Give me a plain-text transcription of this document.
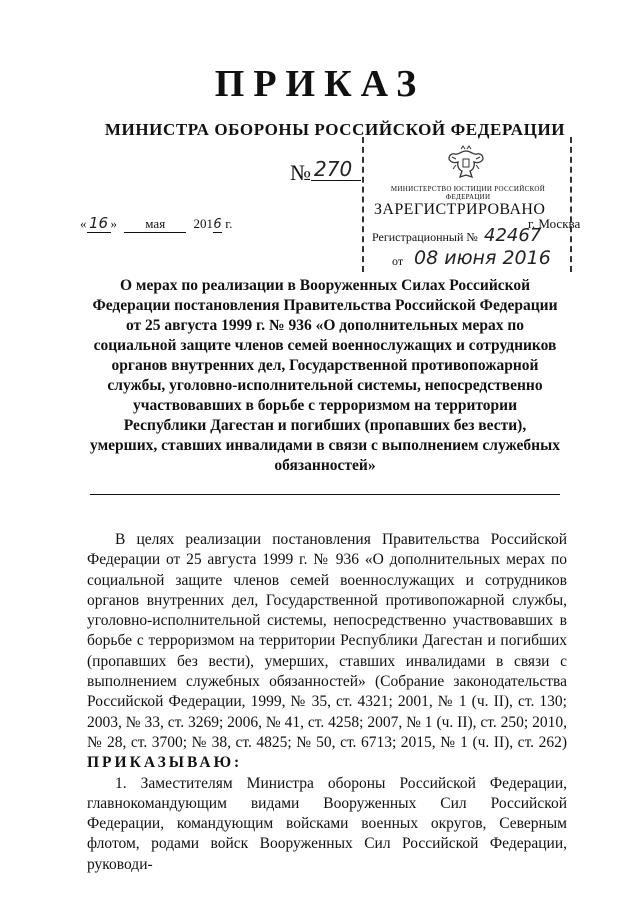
ПРИКАЗ
МИНИСТРА ОБОРОНЫ РОССИЙСКОЙ ФЕДЕРАЦИИ
№ 270
« 16 » мая 2016 г.
МИНИСТЕРСТВО ЮСТИЦИИ РОССИЙСКОЙ ФЕДЕРАЦИИ
ЗАРЕГИСТРИРОВАНО
Регистрационный № 42467
от 08 июня 2016
г. Москва
О мерах по реализации в Вооруженных Силах Российской Федерации постановления Правительства Российской Федерации от 25 августа 1999 г. № 936 «О дополнительных мерах по социальной защите членов семей военнослужащих и сотрудников органов внутренних дел, Государственной противопожарной службы, уголовно-исполнительной системы, непосредственно участвовавших в борьбе с терроризмом на территории Республики Дагестан и погибших (пропавших без вести), умерших, ставших инвалидами в связи с выполнением служебных обязанностей»

В целях реализации постановления Правительства Российской Федерации от 25 августа 1999 г. № 936 «О дополнительных мерах по социальной защите членов семей военнослужащих и сотрудников органов внутренних дел, Государственной противопожарной службы, уголовно-исполнительной системы, непосредственно участвовавших в борьбе с терроризмом на территории Республики Дагестан и погибших (пропавших без вести), умерших, ставших инвалидами в связи с выполнением служебных обязанностей» (Собрание законодательства Российской Федерации, 1999, № 35, ст. 4321; 2001, № 1 (ч. II), ст. 130; 2003, № 33, ст. 3269; 2006, № 41, ст. 4258; 2007, № 1 (ч. II), ст. 250; 2010, № 28, ст. 3700; № 38, ст. 4825; № 50, ст. 6713; 2015, № 1 (ч. II), ст. 262) ПРИКАЗЫВАЮ:

1. Заместителям Министра обороны Российской Федерации, главнокомандующим видами Вооруженных Сил Российской Федерации, командующим войсками военных округов, Северным флотом, родами войск Вооруженных Сил Российской Федерации, руководи-
